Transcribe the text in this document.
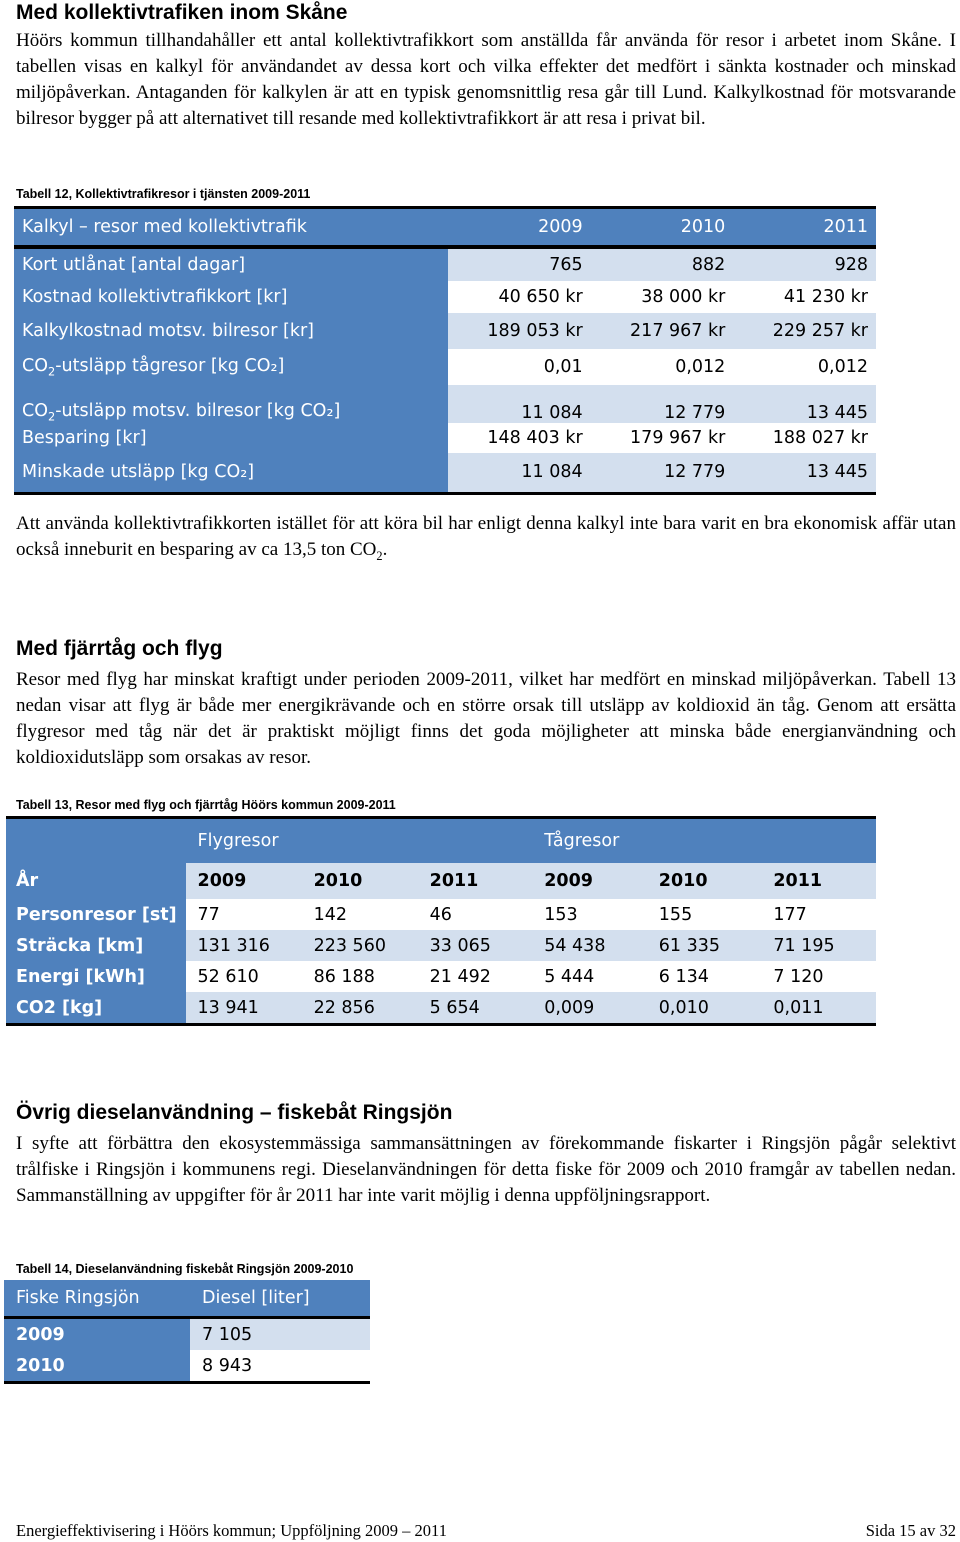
Med kollektivtrafiken inom Skåne

Höörs kommun tillhandahåller ett antal kollektivtrafikkort som anställda får använda för resor i arbetet inom Skåne. I tabellen visas en kalkyl för användandet av dessa kort och vilka effekter det medfört i sänkta kostnader och minskad miljöpåverkan. Antaganden för kalkylen är att en typisk genomsnittlig resa går till Lund. Kalkylkostnad för motsvarande bilresor bygger på att alternativet till resande med kollektivtrafikkort är att resa i privat bil.

Tabell 12, Kollektivtrafikresor i tjänsten 2009-2011

Kalkyl – resor med kollektivtrafik	2009	2010	2011
Kort utlånat [antal dagar]	765	882	928
Kostnad kollektivtrafikkort [kr]	40 650 kr	38 000 kr	41 230 kr
Kalkylkostnad motsv. bilresor [kr]	189 053 kr	217 967 kr	229 257 kr
$CO_2$-utsläpp tågresor [kg CO₂]	0,01	0,012	0,012
$CO_2$-utsläpp motsv. bilresor [kg CO₂]	11 084	12 779	13 445
Besparing [kr]	148 403 kr	179 967 kr	188 027 kr
Minskade utsläpp [kg CO₂]	11 084	12 779	13 445

Att använda kollektivtrafikkorten istället för att köra bil har enligt denna kalkyl inte bara varit en bra ekonomisk affär utan också inneburit en besparing av ca 13,5 ton $CO_2$.

Med fjärrtåg och flyg

Resor med flyg har minskat kraftigt under perioden 2009-2011, vilket har medfört en minskad miljöpåverkan. Tabell 13 nedan visar att flyg är både mer energikrävande och en större orsak till utsläpp av koldioxid än tåg. Genom att ersätta flygresor med tåg när det är praktiskt möjligt finns det goda möjligheter att minska både energianvändning och koldioxidutsläpp som orsakas av resor.

Tabell 13, Resor med flyg och fjärrtåg Höörs kommun 2009-2011

	Flygresor			Tågresor		
År	2009	2010	2011	2009	2010	2011
Personresor [st]	77	142	46	153	155	177
Sträcka [km]	131 316	223 560	33 065	54 438	61 335	71 195
Energi [kWh]	52 610	86 188	21 492	5 444	6 134	7 120
CO2 [kg]	13 941	22 856	5 654	0,009	0,010	0,011
Övrig dieselanvändning – fiskebåt Ringsjön

I syfte att förbättra den ekosystemmässiga sammansättningen av förekommande fiskarter i Ringsjön pågår selektivt trålfiske i Ringsjön i kommunens regi. Dieselanvändningen för detta fiske för 2009 och 2010 framgår av tabellen nedan. Sammanställning av uppgifter för år 2011 har inte varit möjlig i denna uppföljningsrapport.

Tabell 14, Dieselanvändning fiskebåt Ringsjön 2009-2010

Fiske Ringsjön	Diesel [liter]
2009	7 105
2010	8 943
Energieffektivisering i Höörs kommun; Uppföljning 2009 – 2011	Sida 15 av 32
